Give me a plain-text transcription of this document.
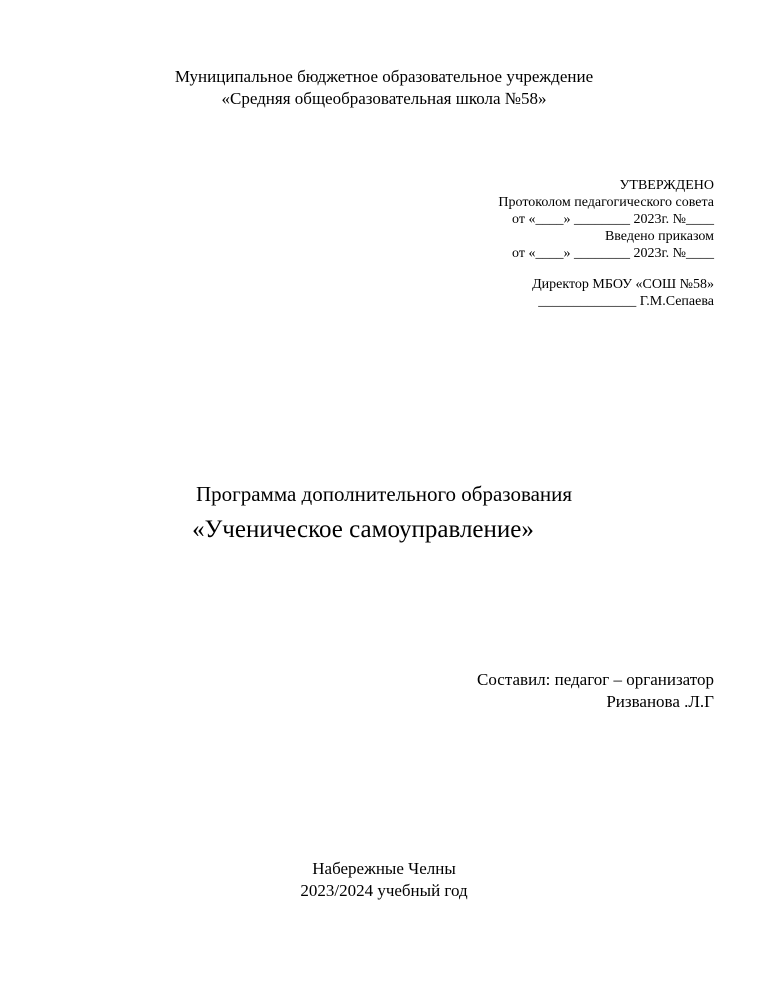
Муниципальное бюджетное образовательное учреждение
«Средняя общеобразовательная школа №58»
УТВЕРЖДЕНО
Протоколом педагогического совета
от «____» ________ 2023г. №____
Введено приказом
от «____» ________ 2023г. №____
Директор МБОУ «СОШ №58»
______________ Г.М.Сепаева
Программа дополнительного образования
«Ученическое самоуправление»
Составил: педагог – организатор
Ризванова .Л.Г
Набережные Челны
2023/2024 учебный год
